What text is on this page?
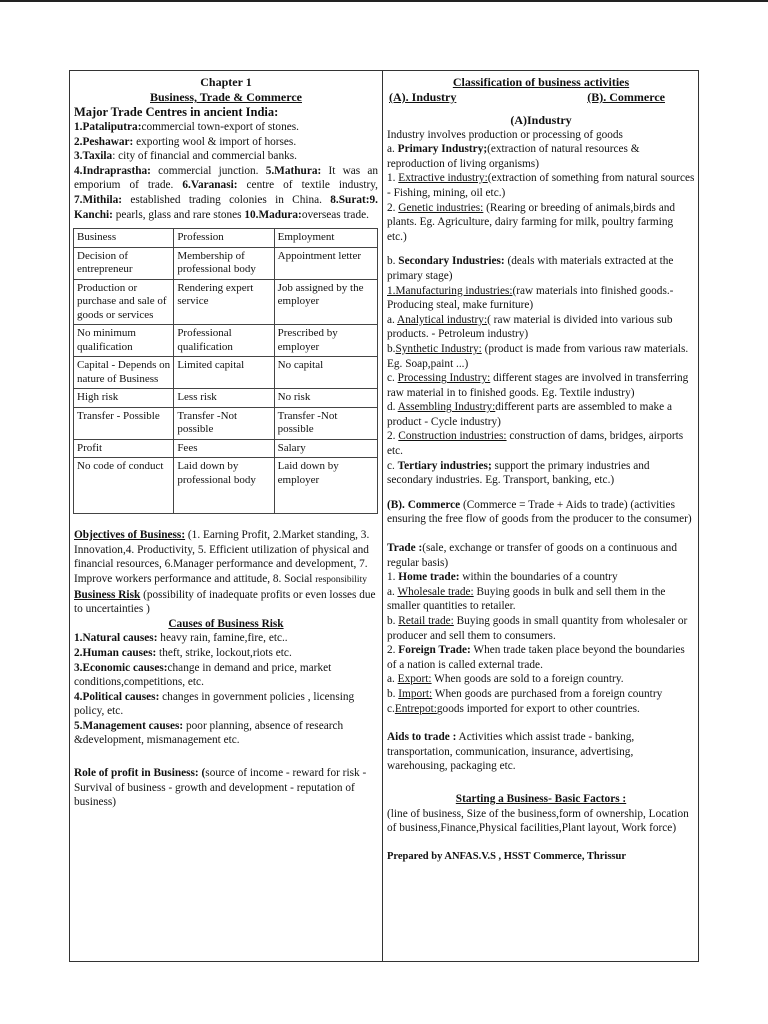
Chapter 1
Business, Trade & Commerce
Major Trade Centres in ancient India:

1.Pataliputra:commercial town-export of stones.
2.Peshawar: exporting wool & import of horses.
3.Taxila: city of financial and commercial banks.
4.Indraprastha: commercial junction. 5.Mathura: It was an emporium of trade. 6.Varanasi: centre of textile industry, 7.Mithila: established trading colonies in China. 8.Surat:9. Kanchi: pearls, glass and rare stones 10.Madura:overseas trade.

Business	Profession	Employment
Decision of entrepreneur	Membership of professional body	Appointment letter
Production or purchase and sale of goods or services	Rendering expert service	Job assigned by the employer
No minimum qualification	Professional qualification	Prescribed by employer
Capital - Depends on nature of Business	Limited capital	No capital
High risk	Less risk	No risk
Transfer - Possible	Transfer -Not possible	Transfer -Not possible
Profit	Fees	Salary
No code of conduct	Laid down by professional body	Laid down by employer

Objectives of Business: (1. Earning Profit, 2.Market standing, 3. Innovation,4. Productivity, 5. Efficient utilization of physical and financial resources, 6.Manager performance and development, 7. Improve workers performance and attitude, 8. Social responsibility

Business Risk (possibility of inadequate profits or even losses due to uncertainties )

Causes of Business Risk

1.Natural causes: heavy rain, famine,fire, etc..
2.Human causes: theft, strike, lockout,riots etc.
3.Economic causes:change in demand and price, market conditions,competitions, etc.
4.Political causes: changes in government policies , licensing policy, etc.
5.Management causes: poor planning, absence of research &development, mismanagement etc.

Role of profit in Business: (source of income - reward for risk -Survival of business - growth and development - reputation of business)

Classification of business activities
(A). Industry	(B). Commerce
(A)Industry

Industry involves production or processing of goods

a. Primary Industry;(extraction of natural resources & reproduction of living organisms)

1. Extractive industry:(extraction of something from natural sources - Fishing, mining, oil etc.)

2. Genetic industries: (Rearing or breeding of animals,birds and plants. Eg. Agriculture, dairy farming for milk, poultry farming etc.)

b. Secondary Industries: (deals with materials extracted at the primary stage)

1.Manufacturing industries:(raw materials into finished goods.-Producing steal, make furniture)

a. Analytical industry:( raw material is divided into various sub products. - Petroleum industry)

b.Synthetic Industry: (product is made from various raw materials. Eg. Soap,paint ...)

c. Processing Industry: different stages are involved in transferring raw material in to finished goods. Eg. Textile industry)

d. Assembling Industry:different parts are assembled to make a product - Cycle industry)

2. Construction industries: construction of dams, bridges, airports etc.

c. Tertiary industries; support the primary industries and secondary industries. Eg. Transport, banking, etc.)

(B). Commerce (Commerce = Trade + Aids to trade) (activities ensuring the free flow of goods from the producer to the consumer)

Trade :(sale, exchange or transfer of goods on a continuous and regular basis)

1. Home trade: within the boundaries of a country

a. Wholesale trade: Buying goods in bulk and sell them in the smaller quantities to retailer.

b. Retail trade: Buying goods in small quantity from wholesaler or producer and sell them to consumers.

2. Foreign Trade: When trade taken place beyond the boundaries of a nation is called external trade.

a. Export: When goods are sold to a foreign country.

b. Import: When goods are purchased from a foreign country

c.Entrepot:goods imported for export to other countries.

Aids to trade : Activities which assist trade - banking, transportation, communication, insurance, advertising, warehousing, packaging etc.

Starting a Business- Basic Factors :

(line of business, Size of the business,form of ownership, Location of business,Finance,Physical facilities,Plant layout, Work force)

Prepared by ANFAS.V.S , HSST Commerce, Thrissur
